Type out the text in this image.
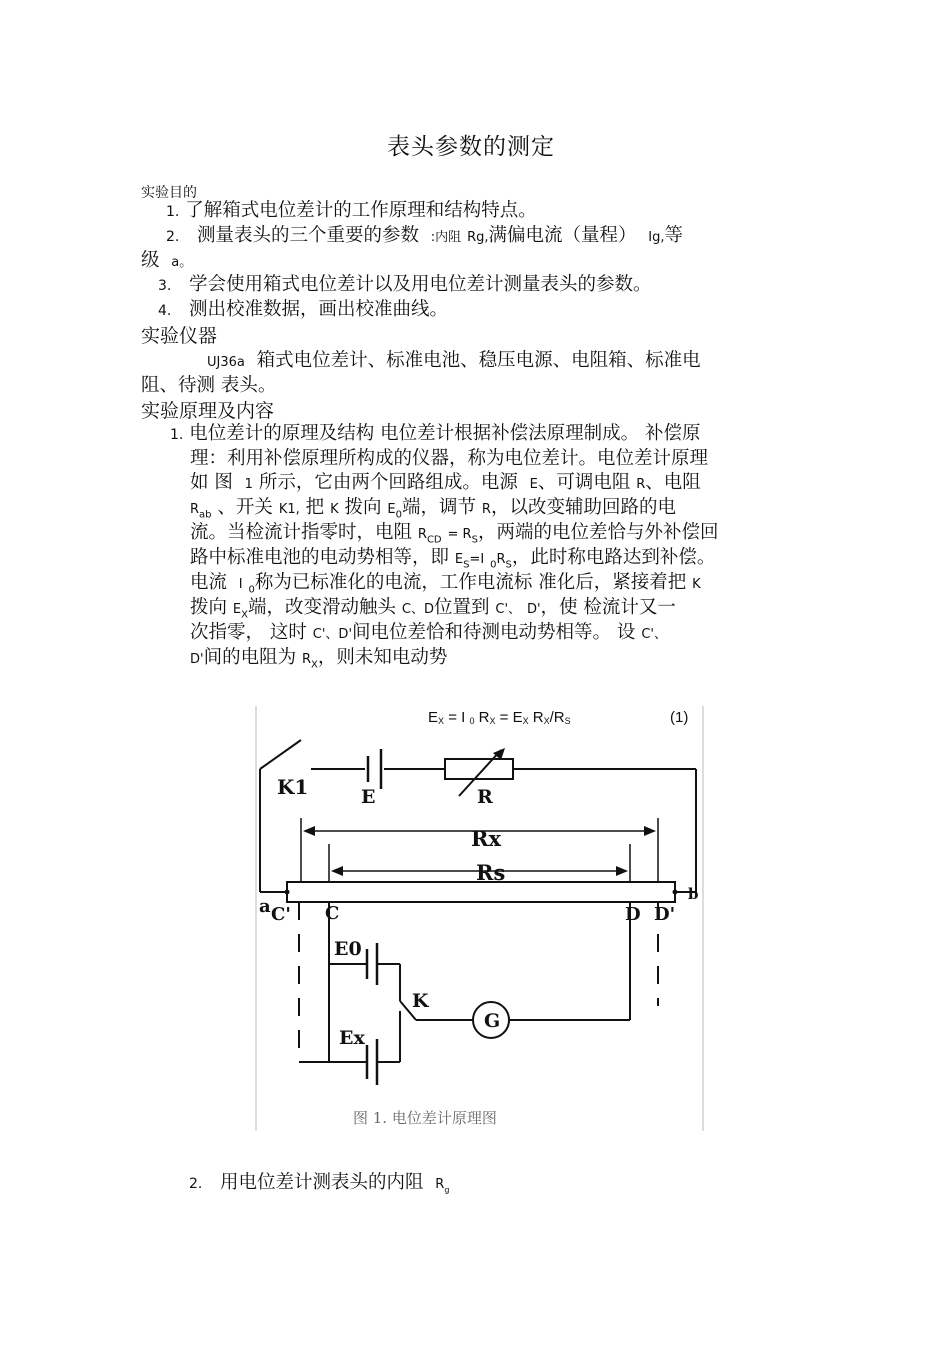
表头参数的测定
实验目的
1. 了解箱式电位差计的工作原理和结构特点。
2. 测量表头的三个重要的参数 :内阻 Rg,满偏电流（量程） Ig,等
级 a。
3. 学会使用箱式电位差计以及用电位差计测量表头的参数。
4. 测出校准数据，画出校准曲线。
实验仪器
UJ36a 箱式电位差计、标准电池、稳压电源、电阻箱、标准电
阻、待测 表头。
实验原理及内容
1. 电位差计的原理及结构 电位差计根据补偿法原理制成。 补偿原
理：利用补偿原理所构成的仪器，称为电位差计。电位差计原理
如 图 1 所示，它由两个回路组成。电源 E、可调电阻 R、电阻
$R_{ab}$ 、开关 K1, 把 K 拨向 $E_0$端，调节 R，以改变辅助回路的电
流。当检流计指零时，电阻 $R_{CD} = R_S$，两端的电位差恰与外补偿回
路中标准电池的电动势相等，即 $E_S=I$ $_0R_S$，此时称电路达到补偿。
电流 I $_0$称为已标准化的电流，工作电流标 准化后，紧接着把 K
拨向 $E_X$端，改变滑动触头 C、D位置到 C'、 D'，使 检流计又一
次指零， 这时 C'、D'间电位差恰和待测电动势相等。 设 C'、
D'间的电阻为 $R_X$，则未知电动势
EX = I 0 RX = EX RX/RS	(1)
K1	E	R
Rx
Rs
a C' C	D D'
b
E0
K
G
Ex
图 1. 电位差计原理图
2. 用电位差计测表头的内阻 $R_g$
